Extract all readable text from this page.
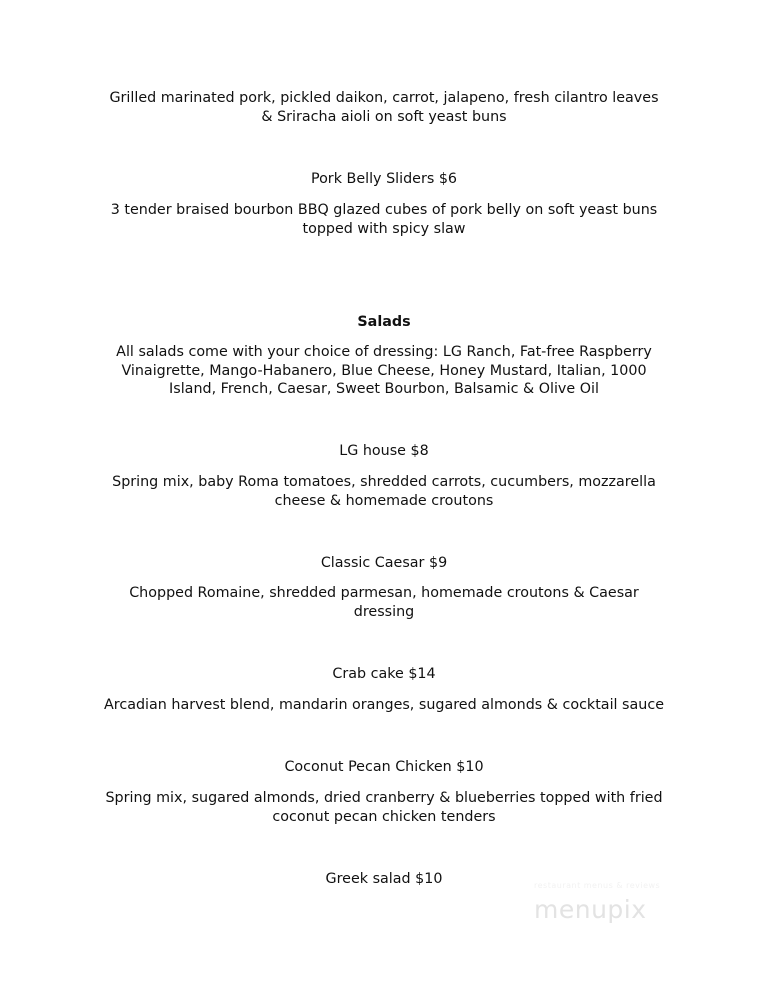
Grilled marinated pork, pickled daikon, carrot, jalapeno, fresh cilantro leaves & Sriracha aioli on soft yeast buns

Pork Belly Sliders $6

3 tender braised bourbon BBQ glazed cubes of pork belly on soft yeast buns topped with spicy slaw

Salads

All salads come with your choice of dressing: LG Ranch, Fat-free Raspberry Vinaigrette, Mango-Habanero, Blue Cheese, Honey Mustard, Italian, 1000 Island, French, Caesar, Sweet Bourbon, Balsamic & Olive Oil

LG house $8

Spring mix, baby Roma tomatoes, shredded carrots, cucumbers, mozzarella cheese & homemade croutons

Classic Caesar $9

Chopped Romaine, shredded parmesan, homemade croutons & Caesar dressing

Crab cake $14

Arcadian harvest blend, mandarin oranges, sugared almonds & cocktail sauce

Coconut Pecan Chicken $10

Spring mix, sugared almonds, dried cranberry & blueberries topped with fried coconut pecan chicken tenders

Greek salad $10	restaurant menus & reviews
menupix
